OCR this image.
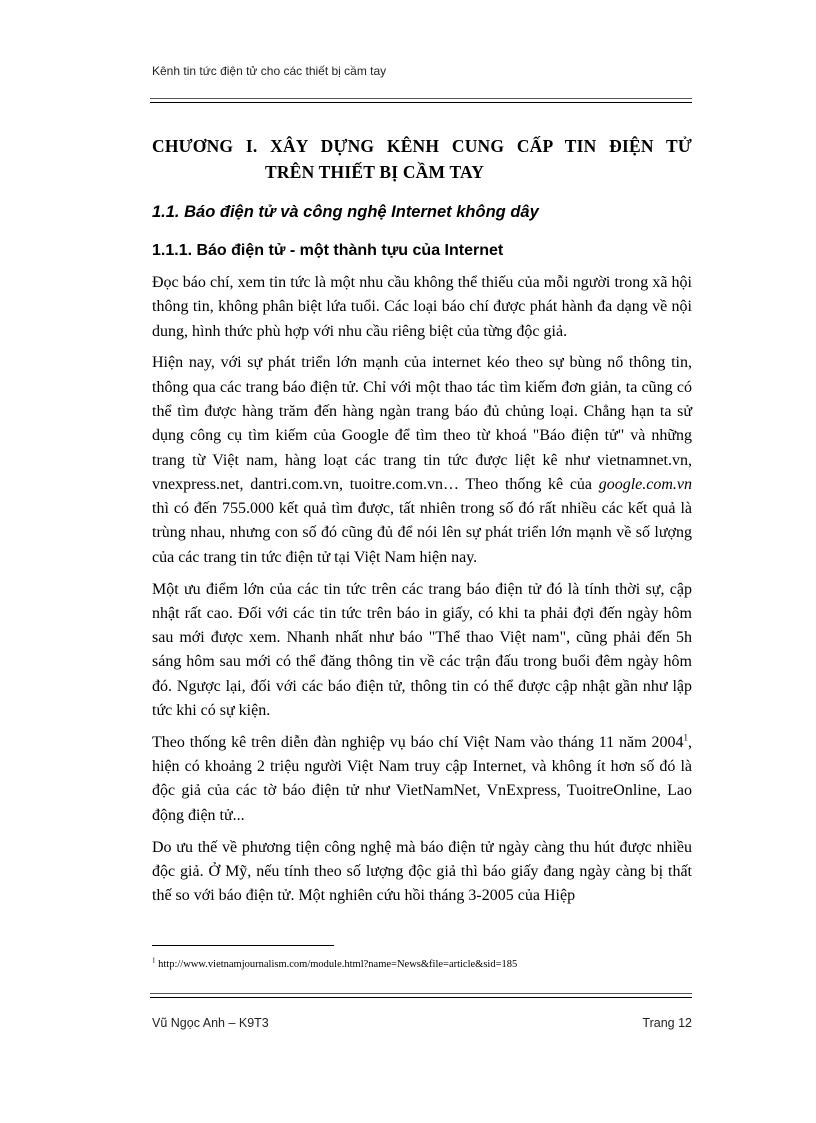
Kênh tin tức điện tử cho các thiết bị cầm tay
CHƯƠNG I. XÂY DỰNG KÊNH CUNG CẤP TIN ĐIỆN TỬ
TRÊN THIẾT BỊ CẦM TAY
1.1. Báo điện tử và công nghệ Internet không dây
1.1.1. Báo điện tử - một thành tựu của Internet

Đọc báo chí, xem tin tức là một nhu cầu không thể thiếu của mỗi người trong xã hội thông tin, không phân biệt lứa tuổi. Các loại báo chí được phát hành đa dạng về nội dung, hình thức phù hợp với nhu cầu riêng biệt của từng độc giả.

Hiện nay, với sự phát triển lớn mạnh của internet kéo theo sự bùng nổ thông tin, thông qua các trang báo điện tử. Chỉ với một thao tác tìm kiếm đơn giản, ta cũng có thể tìm được hàng trăm đến hàng ngàn trang báo đủ chủng loại. Chẳng hạn ta sử dụng công cụ tìm kiếm của Google để tìm theo từ khoá "Báo điện tử" và những trang từ Việt nam, hàng loạt các trang tin tức được liệt kê như vietnamnet.vn, vnexpress.net, dantri.com.vn, tuoitre.com.vn… Theo thống kê của google.com.vn thì có đến 755.000 kết quả tìm được, tất nhiên trong số đó rất nhiều các kết quả là trùng nhau, nhưng con số đó cũng đủ để nói lên sự phát triển lớn mạnh về số lượng của các trang tin tức điện tử tại Việt Nam hiện nay.

Một ưu điểm lớn của các tin tức trên các trang báo điện tử đó là tính thời sự, cập nhật rất cao. Đối với các tin tức trên báo in giấy, có khi ta phải đợi đến ngày hôm sau mới được xem. Nhanh nhất như báo "Thể thao Việt nam", cũng phải đến 5h sáng hôm sau mới có thể đăng thông tin về các trận đấu trong buổi đêm ngày hôm đó. Ngược lại, đối với các báo điện tử, thông tin có thể được cập nhật gần như lập tức khi có sự kiện.

Theo thống kê trên diễn đàn nghiệp vụ báo chí Việt Nam vào tháng 11 năm 2004$^1$, hiện có khoảng 2 triệu người Việt Nam truy cập Internet, và không ít hơn số đó là độc giả của các tờ báo điện tử như VietNamNet, VnExpress, TuoitreOnline, Lao động điện tử...

Do ưu thế về phương tiện công nghệ mà báo điện tử ngày càng thu hút được nhiều độc giả. Ở Mỹ, nếu tính theo số lượng độc giả thì báo giấy đang ngày càng bị thất thế so với báo điện tử. Một nghiên cứu hồi tháng 3-2005 của Hiệp

$^1$ http://www.vietnamjournalism.com/module.html?name=News&file=article&sid=185
Vũ Ngọc Anh – K9T3	Trang 12
